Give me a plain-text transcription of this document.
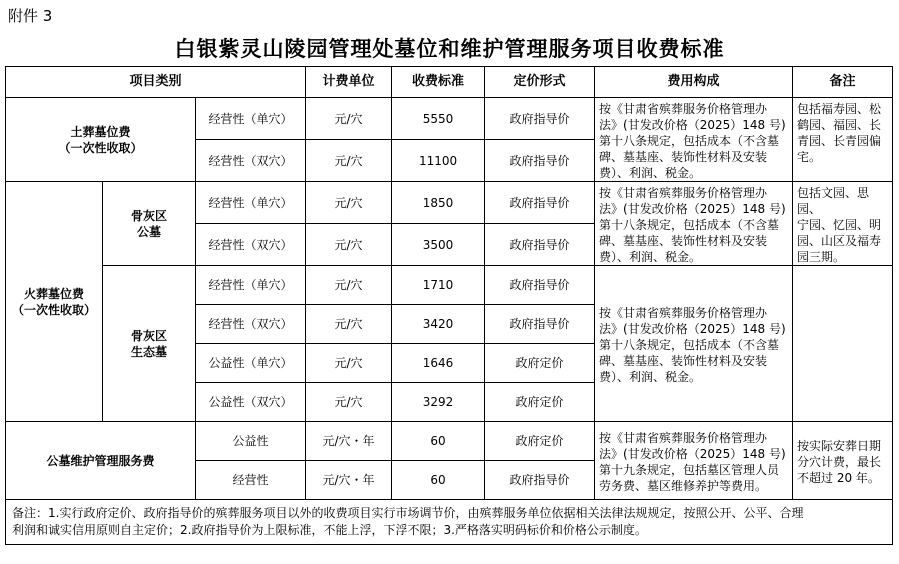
附件 3
白银紫灵山陵园管理处墓位和维护管理服务项目收费标准
项目类别			计费单位	收费标准	定价形式	费用构成	备注

土葬墓位费
（一次性收取）		经营性（单穴）	元/穴	5550	政府指导价	按《甘肃省殡葬服务价格管理办
法》(甘发改价格（2025）148 号)
第十八条规定，包括成本（不含墓
碑、墓基座、装饰性材料及安装
费）、利润、税金。	包括福寿园、松
鹤园、福园、长
青园、长青园偏
宅。

		经营性（双穴）	元/穴	11100	政府指导价		

火葬墓位费
（一次性收取）	骨灰区
公墓	经营性（单穴）	元/穴	1850	政府指导价	按《甘肃省殡葬服务价格管理办
法》(甘发改价格（2025）148 号)
第十八条规定，包括成本（不含墓
碑、墓基座、装饰性材料及安装
费）、利润、税金。	包括文园、思园、
宁园、忆园、明
园、山区及福寿
园三期。

		经营性（双穴）	元/穴	3500	政府指导价		

	骨灰区
生态墓	经营性（单穴）	元/穴	1710	政府指导价	按《甘肃省殡葬服务价格管理办
法》(甘发改价格（2025）148 号)
第十八条规定，包括成本（不含墓
碑、墓基座、装饰性材料及安装
费）、利润、税金。	

		经营性（双穴）	元/穴	3420	政府指导价		
		公益性（单穴）	元/穴	1646	政府定价		
		公益性（双穴）	元/穴	3292	政府定价		
公墓维护管理服务费		公益性	元/穴・年	60	政府定价	按《甘肃省殡葬服务价格管理办
法》(甘发改价格（2025）148 号)
第十九条规定，包括墓区管理人员
劳务费、墓区维修养护等费用。	按实际安葬日期
分穴计费，最长
不超过 20 年。

		经营性	元/穴・年	60	政府指导价		

备注：1.实行政府定价、政府指导价的殡葬服务项目以外的收费项目实行市场调节价，由殡葬服务单位依据相关法律法规规定，按照公开、公平、合理
利润和诚实信用原则自主定价；2.政府指导价为上限标准，不能上浮，下浮不限；3.严格落实明码标价和价格公示制度。							
